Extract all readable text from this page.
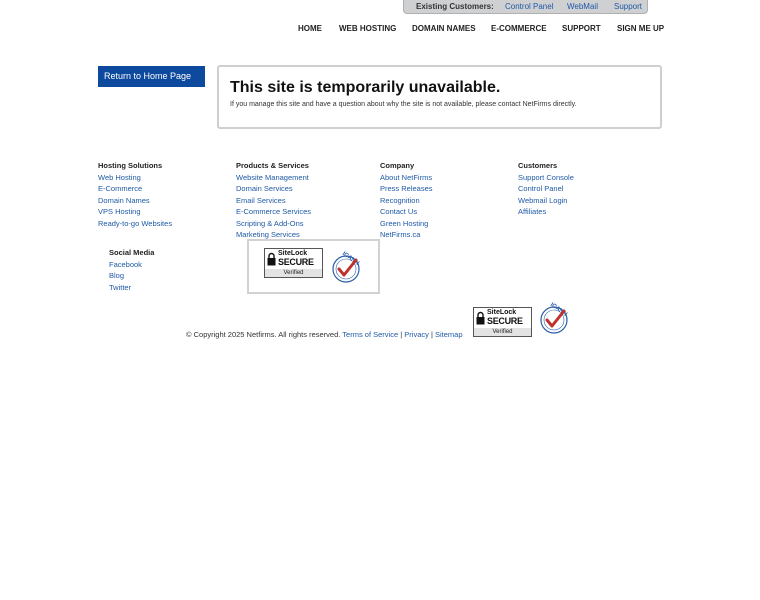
Existing Customers: Control Panel WebMail Support
HOME WEB HOSTING DOMAIN NAMES E-COMMERCE SUPPORT SIGN ME UP
Return to Home Page
This site is temporarily unavailable.

If you manage this site and have a question about why the site is not available, please contact NetFirms directly.

Hosting Solutions
Web Hosting
E-Commerce
Domain Names
VPS Hosting
Ready-to-go Websites
Products & Services
Website Management
Domain Services
Email Services
E-Commerce Services
Scripting & Add-Ons
Marketing Services
Company
About NetFirms
Press Releases
Recognition
Contact Us
Green Hosting
NetFirms.ca
Customers
Support Console
Control Panel
Webmail Login
Affiliates
Social Media
Facebook
Blog
Twitter
SiteLock
SECURE
Verified
ICANN
© Copyright 2025 Netfirms. All rights reserved. Terms of Service | Privacy | Sitemap
SiteLock
SECURE
Verified
ICANN
